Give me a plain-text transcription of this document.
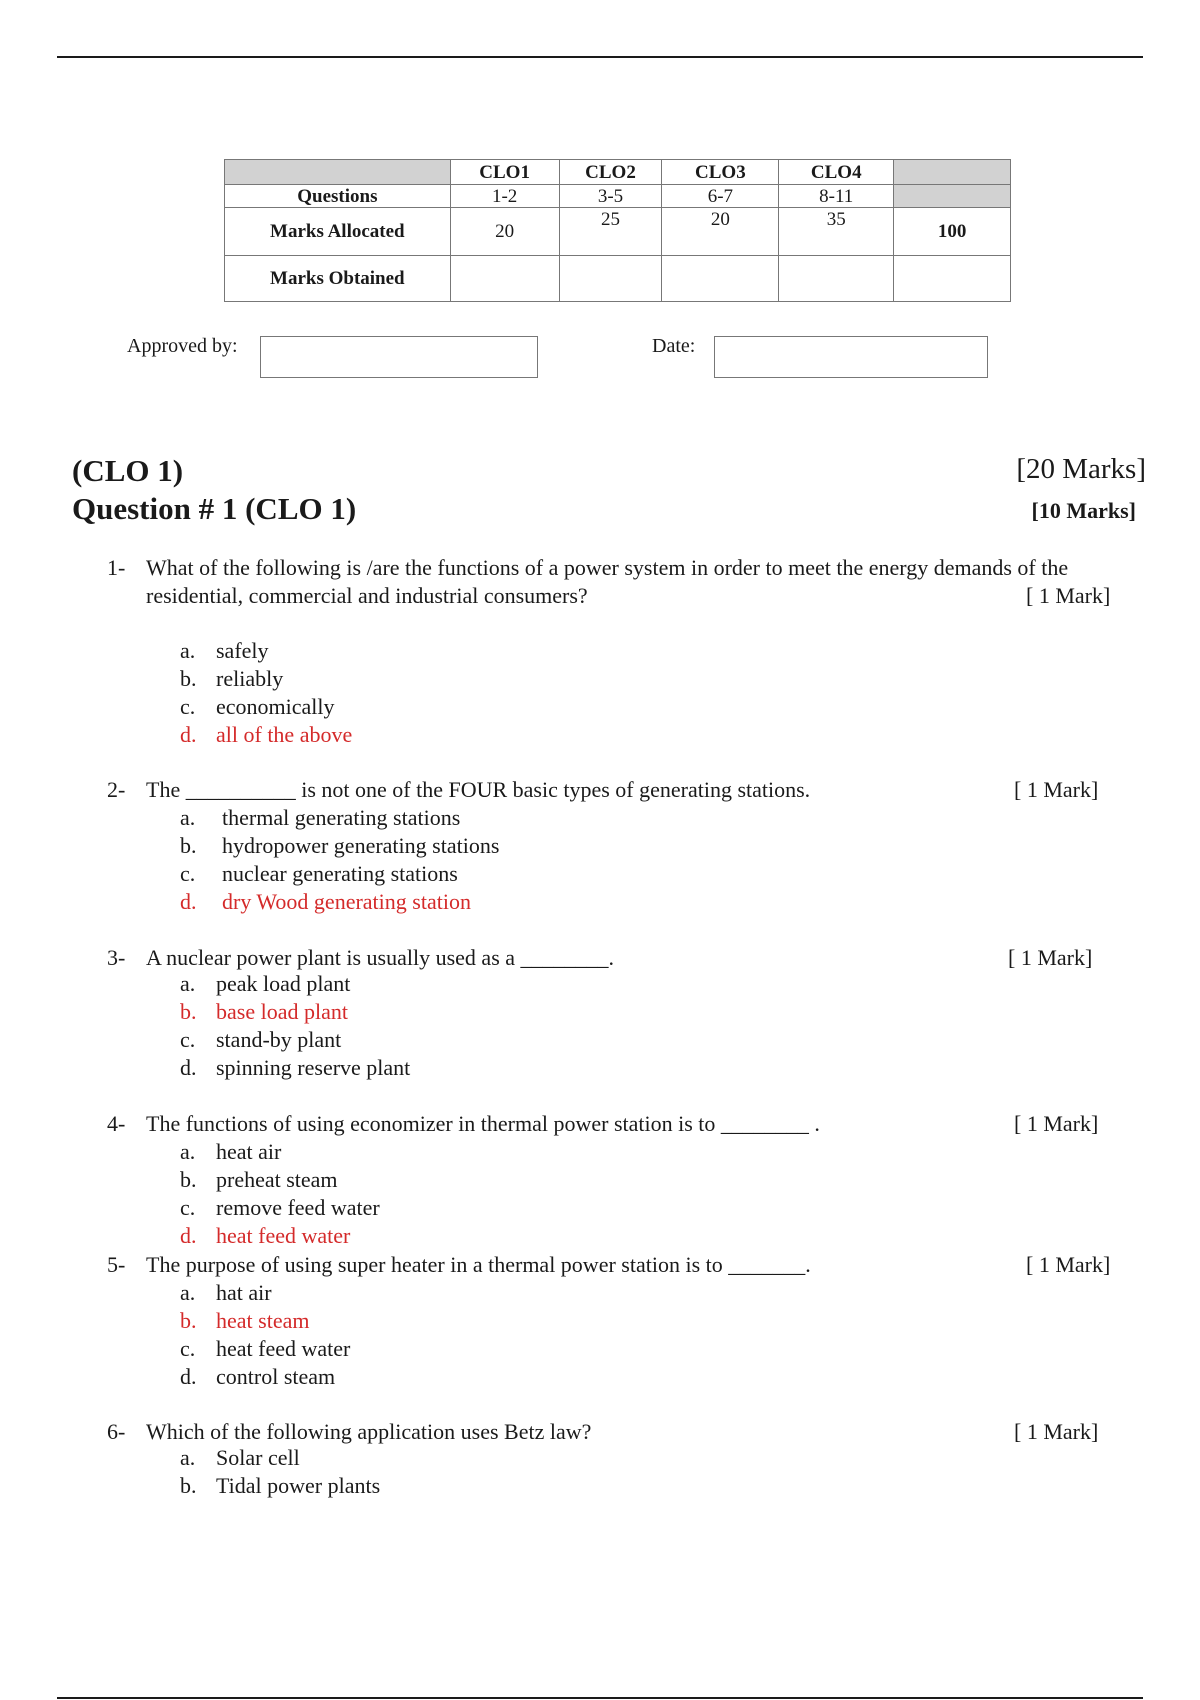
	CLO1	CLO2	CLO3	CLO4	
Questions	1-2	3-5	6-7	8-11	
Marks Allocated	20	25	20	35	100
Marks Obtained					
Approved by:	Date:
(CLO 1)	[20 Marks]
Question # 1 (CLO 1)	[10 Marks]
1- What of the following is /are the functions of a power system in order to meet the energy demands of the
residential, commercial and industrial consumers?	[ 1 Mark]
a. safely
b. reliably
c. economically
d. all of the above
2- The __________ is not one of the FOUR basic types of generating stations.	[ 1 Mark]
a. thermal generating stations
b. hydropower generating stations
c. nuclear generating stations
d. dry Wood generating station
3- A nuclear power plant is usually used as a ________.	[ 1 Mark]
a. peak load plant
b. base load plant
c. stand-by plant
d. spinning reserve plant
4- The functions of using economizer in thermal power station is to ________ .	[ 1 Mark]
a. heat air
b. preheat steam
c. remove feed water
d. heat feed water
5- The purpose of using super heater in a thermal power station is to _______.	[ 1 Mark]
a. hat air
b. heat steam
c. heat feed water
d. control steam
6- Which of the following application uses Betz law?	[ 1 Mark]
a. Solar cell
b. Tidal power plants
